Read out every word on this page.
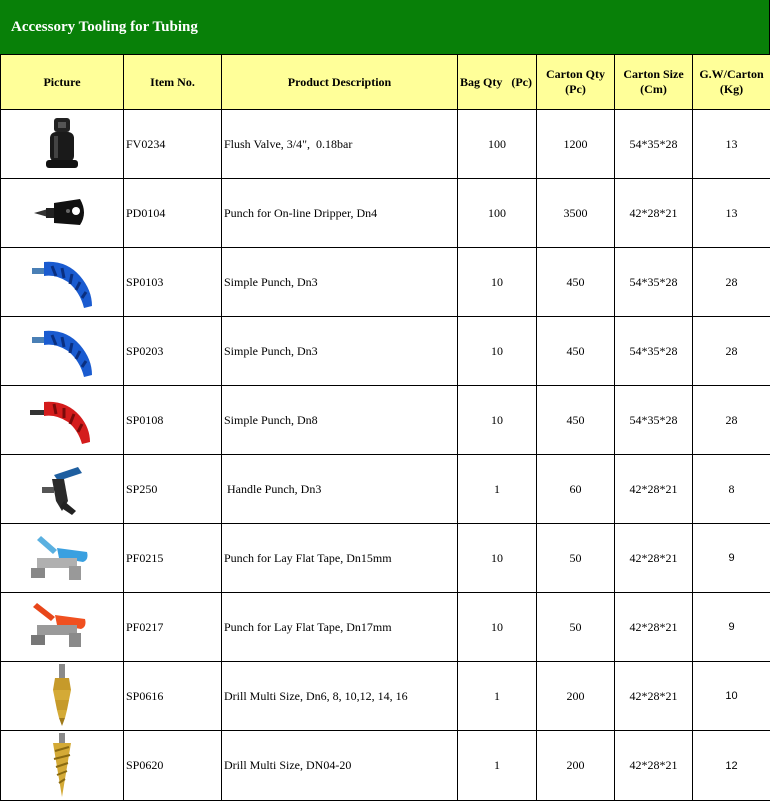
Accessory Tooling for Tubing
Picture	Item No.	Product Description	Bag Qty   (Pc)	Carton Qty (Pc)	Carton Size (Cm)	G.W/Carton (Kg)

	FV0234	Flush Valve, 3/4",  0.18bar	100	1200	54*35*28	13

	PD0104	Punch for On-line Dripper, Dn4	100	3500	42*28*21	13

	SP0103	Simple Punch, Dn3	10	450	54*35*28	28

	SP0203	Simple Punch, Dn3	10	450	54*35*28	28

	SP0108	Simple Punch, Dn8	10	450	54*35*28	28

	SP250	Handle Punch, Dn3	1	60	42*28*21	8

	PF0215	Punch for Lay Flat Tape, Dn15mm	10	50	42*28*21	9

	PF0217	Punch for Lay Flat Tape, Dn17mm	10	50	42*28*21	9

	SP0616	Drill Multi Size, Dn6, 8, 10,12, 14, 16	1	200	42*28*21	10

	SP0620	Drill Multi Size, DN04-20	1	200	42*28*21	12
